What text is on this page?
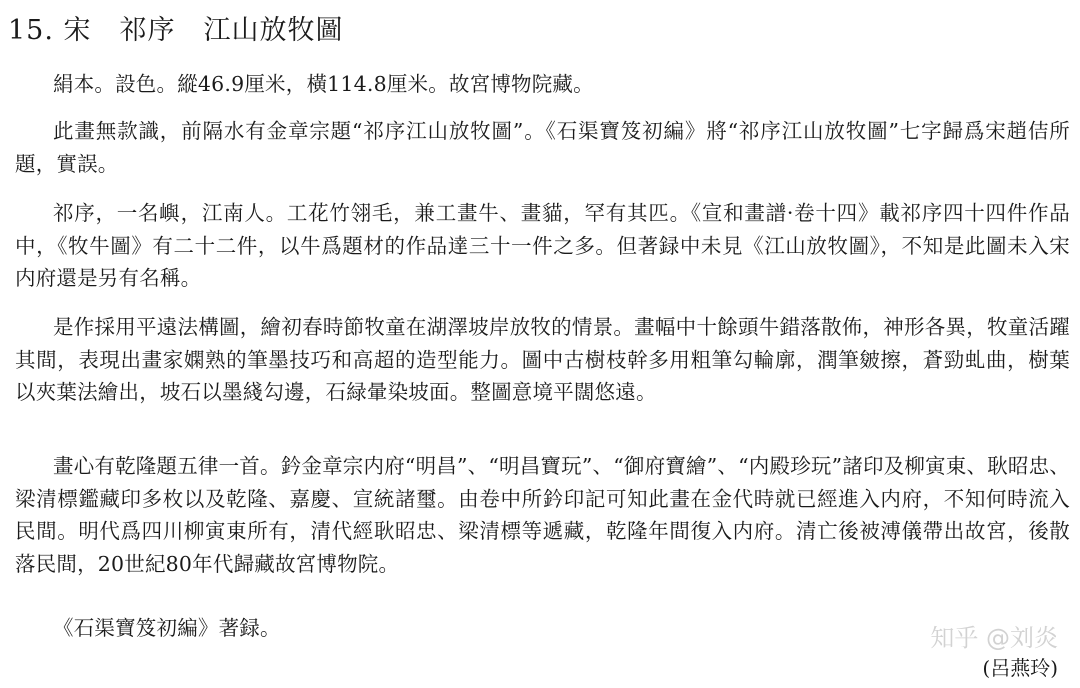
15. 宋　祁序　江山放牧圖
絹本。設色。縱46.9厘米，橫114.8厘米。故宮博物院藏。
此畫無款識，前隔水有金章宗題“祁序江山放牧圖”。《石渠寶笈初編》將“祁序江山放牧圖”七字歸爲宋趙佶所題，實誤。
祁序，一名嶼，江南人。工花竹翎毛，兼工畫牛、畫貓，罕有其匹。《宣和畫譜·卷十四》載祁序四十四件作品中，《牧牛圖》有二十二件，以牛爲題材的作品達三十一件之多。但著録中未見《江山放牧圖》，不知是此圖未入宋内府還是另有名稱。
是作採用平遠法構圖，繪初春時節牧童在湖澤坡岸放牧的情景。畫幅中十餘頭牛錯落散佈，神形各異，牧童活躍其間，表現出畫家嫻熟的筆墨技巧和高超的造型能力。圖中古樹枝幹多用粗筆勾輪廓，潤筆皴擦，蒼勁虬曲，樹葉以夾葉法繪出，坡石以墨綫勾邊，石緑暈染坡面。整圖意境平闊悠遠。
畫心有乾隆題五律一首。鈐金章宗内府“明昌”、“明昌寶玩”、“御府寶繪”、“内殿珍玩”諸印及柳寅東、耿昭忠、梁清標鑑藏印多枚以及乾隆、嘉慶、宣統諸璽。由卷中所鈐印記可知此畫在金代時就已經進入内府，不知何時流入民間。明代爲四川柳寅東所有，清代經耿昭忠、梁清標等遞藏，乾隆年間復入内府。清亡後被溥儀帶出故宮，後散落民間，20世紀80年代歸藏故宮博物院。
《石渠寶笈初編》著録。	知乎 @刘炎
(呂燕玲)
